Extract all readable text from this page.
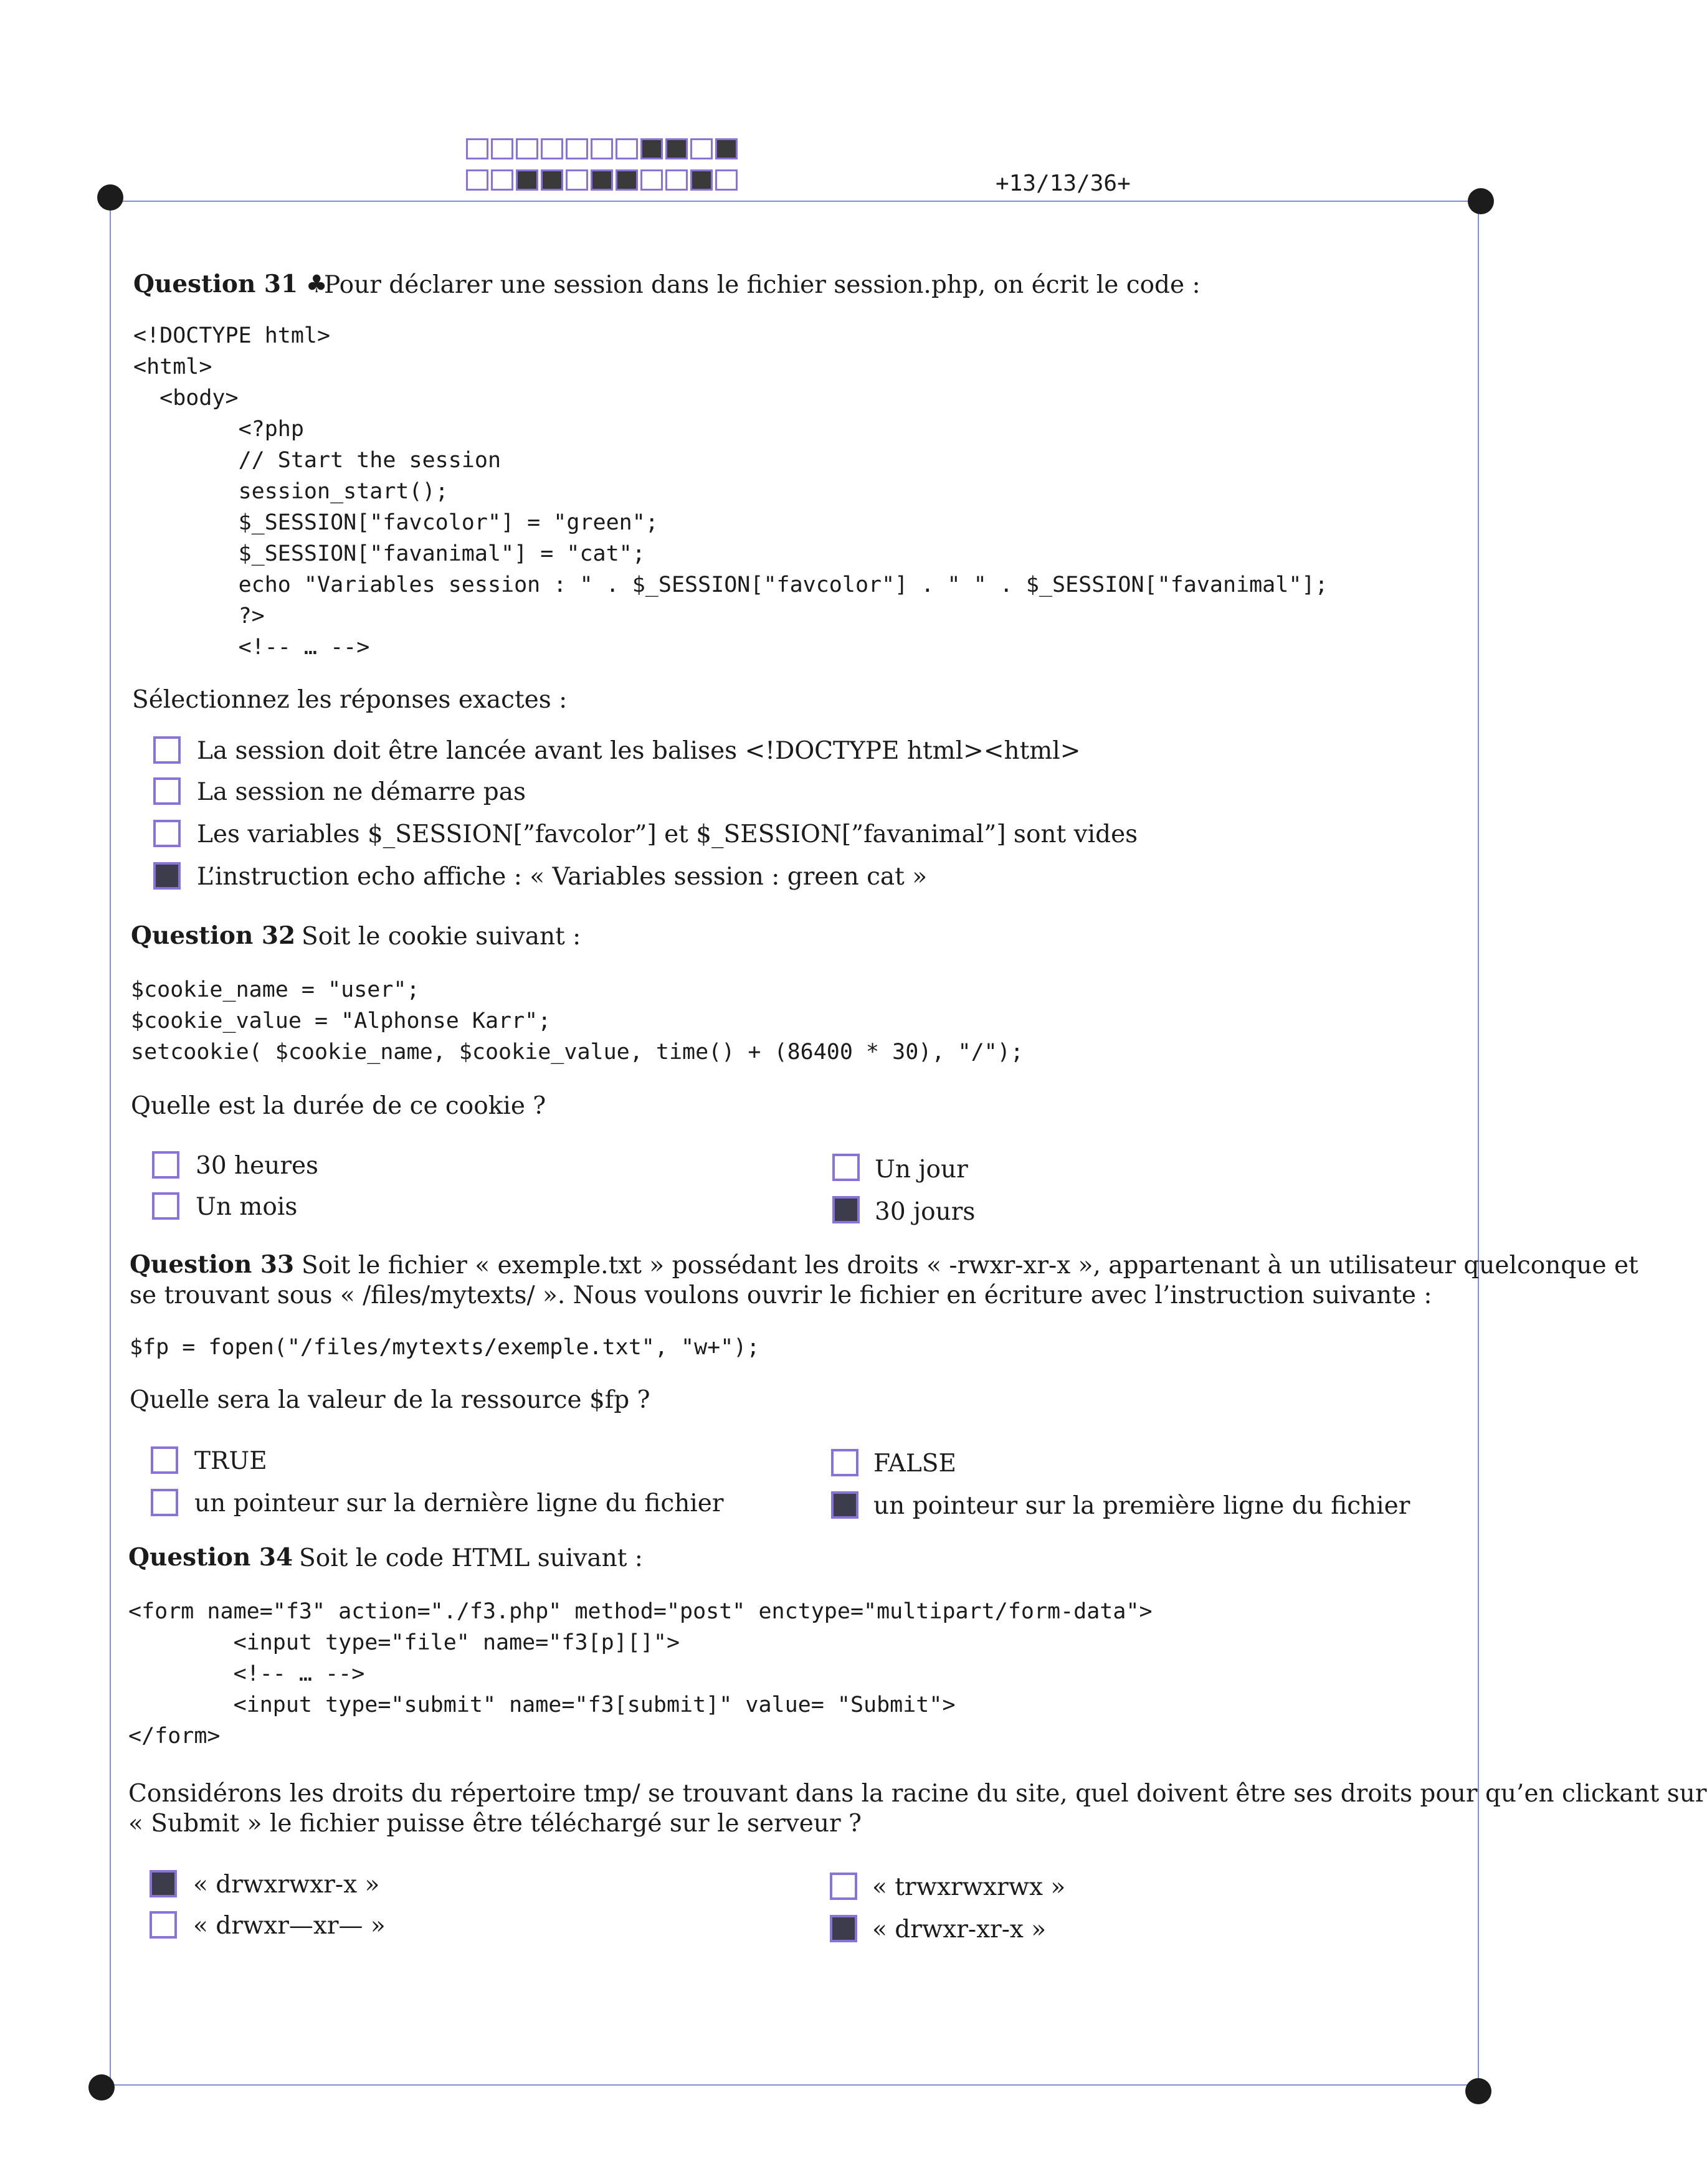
+13/13/36+
Question 31 ♣
Pour déclarer une session dans le fichier session.php, on écrit le code :
<!DOCTYPE html>
<html>
<body>
<?php
// Start the session
session_start();
$_SESSION["favcolor"] = "green";
$_SESSION["favanimal"] = "cat";
echo "Variables session : " . $_SESSION["favcolor"] . " " . $_SESSION["favanimal"];
?>
<!-- … -->
Sélectionnez les réponses exactes :
La session doit être lancée avant les balises <!DOCTYPE html><html>
La session ne démarre pas
Les variables $_SESSION[”favcolor”] et $_SESSION[”favanimal”] sont vides
L’instruction echo affiche : « Variables session : green cat »
Question 32 Soit le cookie suivant :
$cookie_name = "user";
$cookie_value = "Alphonse Karr";
setcookie( $cookie_name, $cookie_value, time() + (86400 * 30), "/");
Quelle est la durée de ce cookie ?
30 heures	Un jour
Un mois	30 jours
Question 33 Soit le fichier « exemple.txt » possédant les droits « -rwxr-xr-x », appartenant à un utilisateur quelconque et
se trouvant sous « /files/mytexts/ ». Nous voulons ouvrir le fichier en écriture avec l’instruction suivante :
$fp = fopen("/files/mytexts/exemple.txt", "w+");
Quelle sera la valeur de la ressource $fp ?
TRUE	FALSE
un pointeur sur la dernière ligne du fichier	un pointeur sur la première ligne du fichier
Question 34 Soit le code HTML suivant :
<form name="f3" action="./f3.php" method="post" enctype="multipart/form-data">
<input type="file" name="f3[p][]">
<!-- … -->
<input type="submit" name="f3[submit]" value= "Submit">
</form>
Considérons les droits du répertoire tmp/ se trouvant dans la racine du site, quel doivent être ses droits pour qu’en clickant sur
« Submit » le fichier puisse être téléchargé sur le serveur ?
« drwxrwxr-x »	« trwxrwxrwx »
« drwxr—xr— »	« drwxr-xr-x »
